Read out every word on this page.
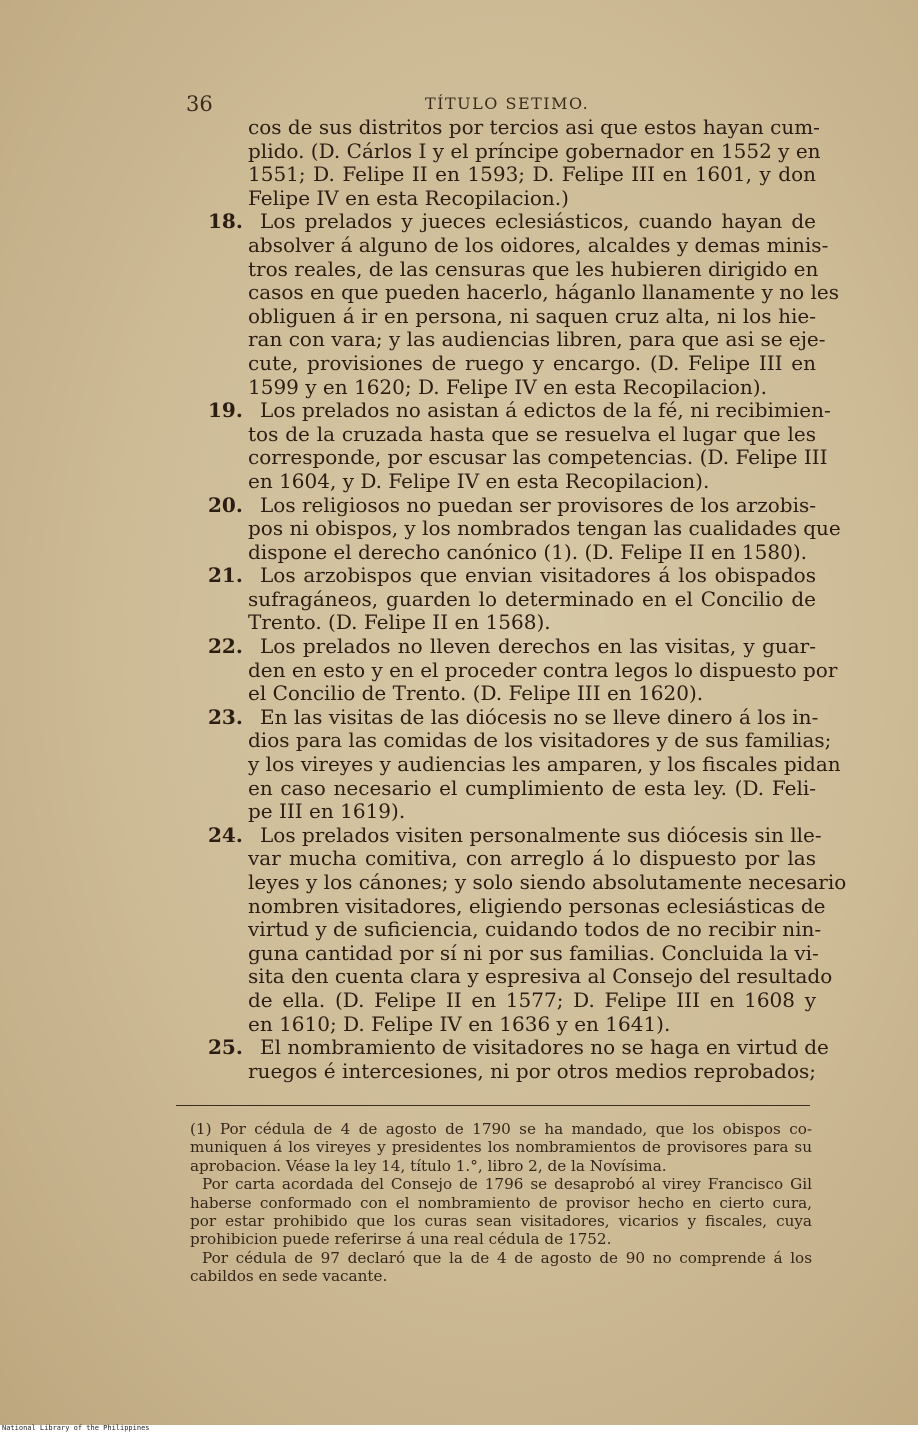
36	TÍTULO SETIMO.
cos de sus distritos por tercios asi que estos hayan cum-
plido. (D. Cárlos I y el príncipe gobernador en 1552 y en
1551; D. Felipe II en 1593; D. Felipe III en 1601, y don
Felipe IV en esta Recopilacion.)
18. Los prelados y jueces eclesiásticos, cuando hayan de
absolver á alguno de los oidores, alcaldes y demas minis-
tros reales, de las censuras que les hubieren dirigido en
casos en que pueden hacerlo, háganlo llanamente y no les
obliguen á ir en persona, ni saquen cruz alta, ni los hie-
ran con vara; y las audiencias libren, para que asi se eje-
cute, provisiones de ruego y encargo. (D. Felipe III en
1599 y en 1620; D. Felipe IV en esta Recopilacion).
19. Los prelados no asistan á edictos de la fé, ni recibimien-
tos de la cruzada hasta que se resuelva el lugar que les
corresponde, por escusar las competencias. (D. Felipe III
en 1604, y D. Felipe IV en esta Recopilacion).
20. Los religiosos no puedan ser provisores de los arzobis-
pos ni obispos, y los nombrados tengan las cualidades que
dispone el derecho canónico (1). (D. Felipe II en 1580).
21. Los arzobispos que envian visitadores á los obispados
sufragáneos, guarden lo determinado en el Concilio de
Trento. (D. Felipe II en 1568).
22. Los prelados no lleven derechos en las visitas, y guar-
den en esto y en el proceder contra legos lo dispuesto por
el Concilio de Trento. (D. Felipe III en 1620).
23. En las visitas de las diócesis no se lleve dinero á los in-
dios para las comidas de los visitadores y de sus familias;
y los vireyes y audiencias les amparen, y los fiscales pidan
en caso necesario el cumplimiento de esta ley. (D. Feli-
pe III en 1619).
24. Los prelados visiten personalmente sus diócesis sin lle-
var mucha comitiva, con arreglo á lo dispuesto por las
leyes y los cánones; y solo siendo absolutamente necesario
nombren visitadores, eligiendo personas eclesiásticas de
virtud y de suficiencia, cuidando todos de no recibir nin-
guna cantidad por sí ni por sus familias. Concluida la vi-
sita den cuenta clara y espresiva al Consejo del resultado
de ella. (D. Felipe II en 1577; D. Felipe III en 1608 y
en 1610; D. Felipe IV en 1636 y en 1641).
25. El nombramiento de visitadores no se haga en virtud de
ruegos é intercesiones, ni por otros medios reprobados;
(1) Por cédula de 4 de agosto de 1790 se ha mandado, que los obispos co-
muniquen á los vireyes y presidentes los nombramientos de provisores para su
aprobacion. Véase la ley 14, título 1.°, libro 2, de la Novísima.
Por carta acordada del Consejo de 1796 se desaprobó al virey Francisco Gil
haberse conformado con el nombramiento de provisor hecho en cierto cura,
por estar prohibido que los curas sean visitadores, vicarios y fiscales, cuya
prohibicion puede referirse á una real cédula de 1752.
Por cédula de 97 declaró que la de 4 de agosto de 90 no comprende á los
cabildos en sede vacante.
National Library of the Philippines
